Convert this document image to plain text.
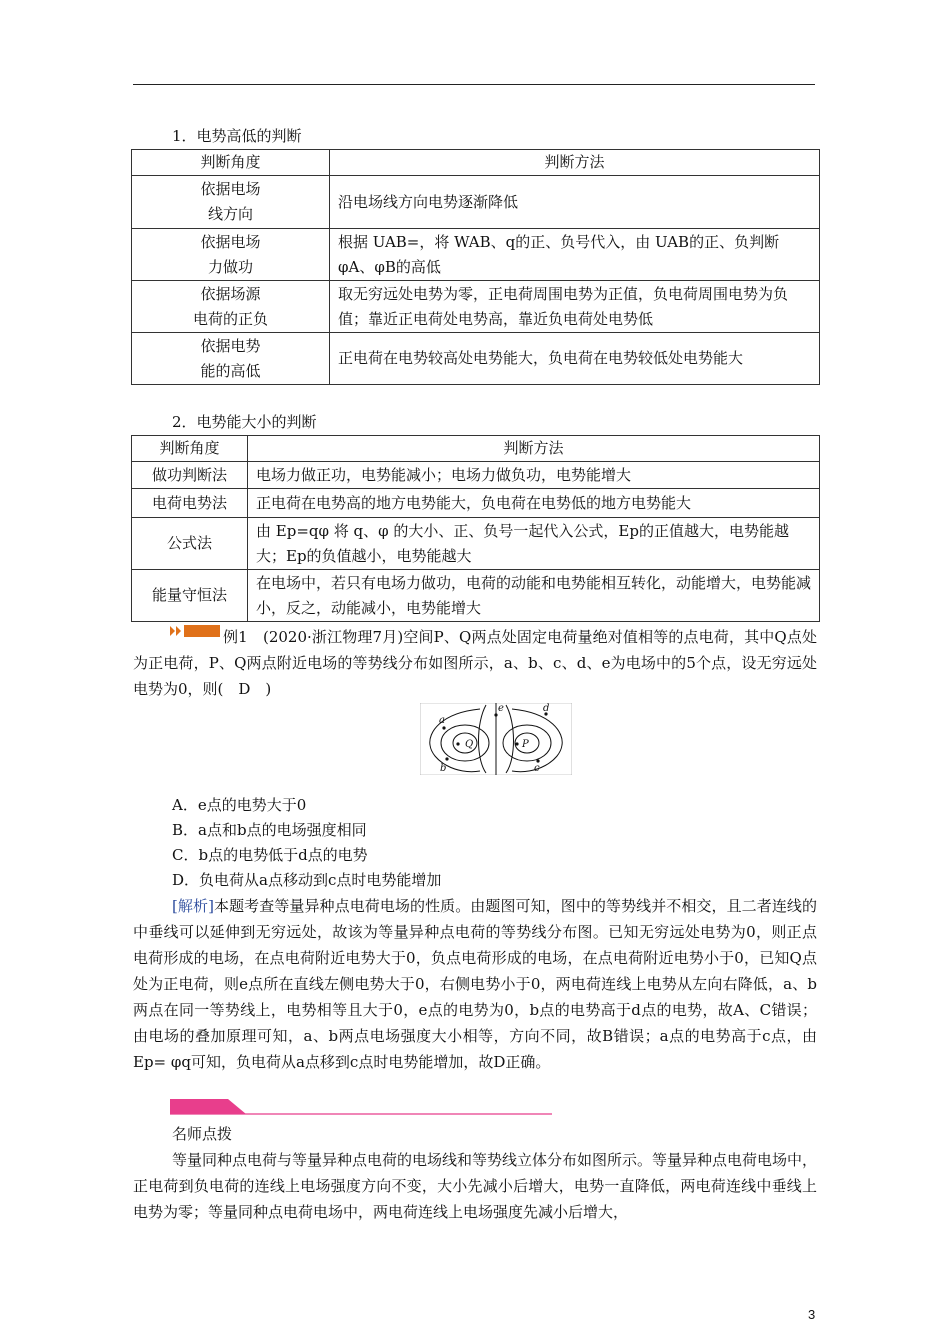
1．电势高低的判断
判断角度	判断方法
依据电场
线方向	沿电场线方向电势逐渐降低
依据电场
力做功	根据 UAB=，将 WAB、q的正、负号代入，由 UAB的正、负判断 φA、φB的高低
依据场源
电荷的正负	取无穷远处电势为零，正电荷周围电势为正值，负电荷周围电势为负值；靠近正电荷处电势高，靠近负电荷处电势低
依据电势
能的高低	正电荷在电势较高处电势能大，负电荷在电势较低处电势能大
2．电势能大小的判断
判断角度	判断方法
做功判断法	电场力做正功，电势能减小；电场力做负功，电势能增大
电荷电势法	正电荷在电势高的地方电势能大，负电荷在电势低的地方电势能大
公式法	由 Ep=qφ 将 q、φ 的大小、正、负号一起代入公式，Ep的正值越大，电势能越大；Ep的负值越小，电势能越大
能量守恒法	在电场中，若只有电场力做功，电荷的动能和电势能相互转化，动能增大，电势能减小，反之，动能减小，电势能增大
例1　(2020·浙江物理7月)空间P、Q两点处固定电荷量绝对值相等的点电荷，其中Q点处为正电荷，P、Q两点附近电场的等势线分布如图所示，a、b、c、d、e为电场中的5个点，设无穷远处电势为0，则(　D　)
Q	P
a
b
e	d
c
A．e点的电势大于0
B．a点和b点的电场强度相同
C．b点的电势低于d点的电势
D．负电荷从a点移动到c点时电势能增加
[解析]本题考查等量异种点电荷电场的性质。由题图可知，图中的等势线并不相交，且二者连线的中垂线可以延伸到无穷远处，故该为等量异种点电荷的等势线分布图。已知无穷远处电势为0，则正点电荷形成的电场，在点电荷附近电势大于0，负点电荷形成的电场，在点电荷附近电势小于0，已知Q点处为正电荷，则e点所在直线左侧电势大于0，右侧电势小于0，两电荷连线上电势从左向右降低，a、b两点在同一等势线上，电势相等且大于0，e点的电势为0，b点的电势高于d点的电势，故A、C错误；由电场的叠加原理可知，a、b两点电场强度大小相等，方向不同，故B错误；a点的电势高于c点，由Ep= φq可知，负电荷从a点移到c点时电势能增加，故D正确。
名师点拨
等量同种点电荷与等量异种点电荷的电场线和等势线立体分布如图所示。等量异种点电荷电场中，正电荷到负电荷的连线上电场强度方向不变，大小先减小后增大，电势一直降低，两电荷连线中垂线上电势为零；等量同种点电荷电场中，两电荷连线上电场强度先减小后增大，
3
